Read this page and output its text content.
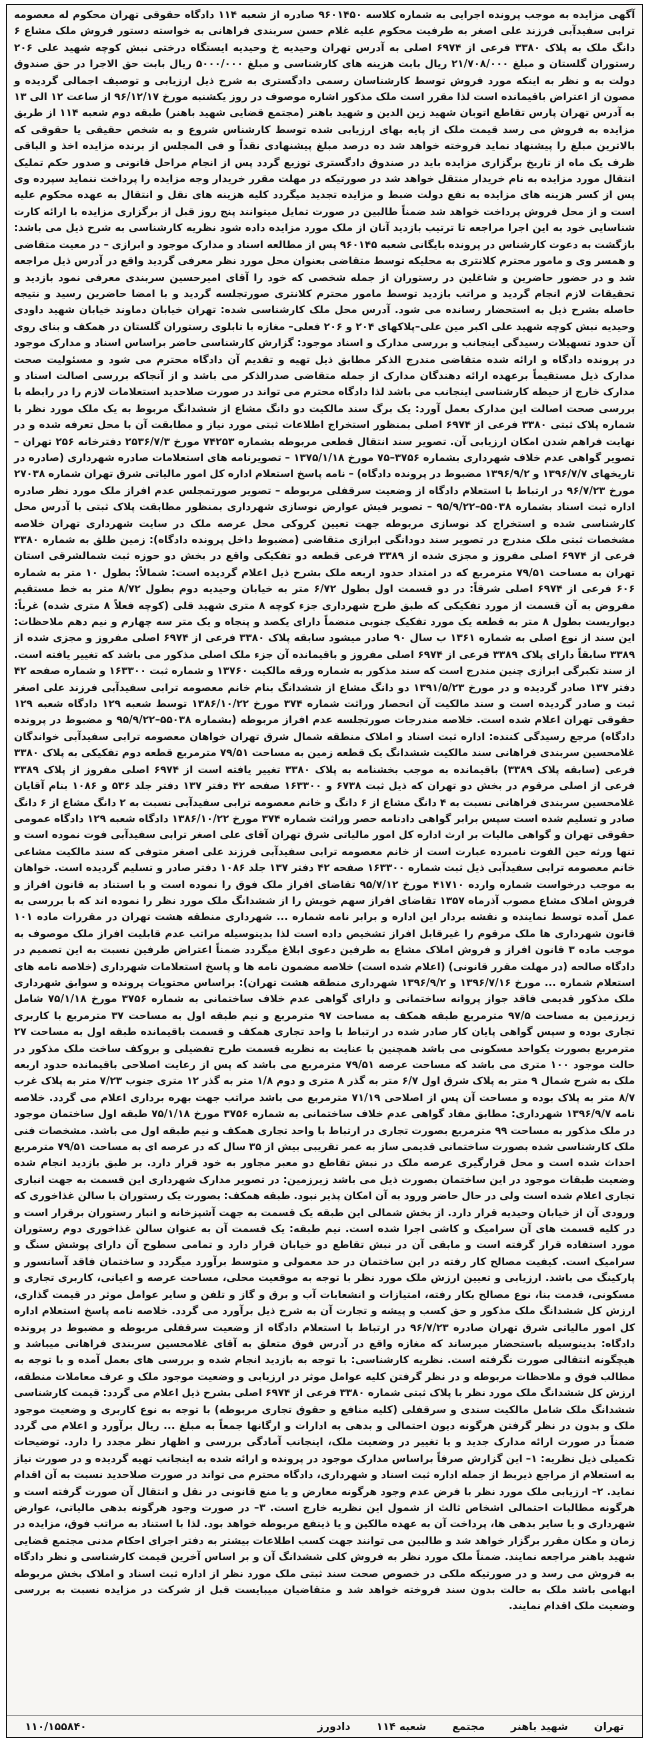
آگهی مزایده به موجب پرونده اجرایی به شماره کلاسه ۹۶۰۱۴۵۰ صادره از شعبه ۱۱۴ دادگاه حقوقی تهران محکوم له معصومه ترابی سفیدآبی فرزند علی اصغر به طرفیت محکوم علیه غلام حسن سربندی فراهانی به خواسته دستور فروش ملک مشاع ۶ دانگ ملک به پلاک ۳۳۸۰ فرعی از ۶۹۷۴ اصلی به آدرس تهران وحیدیه خ وحیدیه ایستگاه درختی نبش کوچه شهید علی ۲۰۶ رستوران گلستان و مبلغ ۲۱/۷۰۸/۰۰۰ ریال بابت هزینه های کارشناسی و مبلغ ۵۰۰۰/۰۰۰ ریال بابت حق الاجرا در حق صندوق دولت به و نظر به اینکه مورد فروش توسط کارشناسان رسمی دادگستری به شرح ذیل ارزیابی و توصیف اجمالی گردیده و مصون از اعتراض باقیمانده است لذا مقرر است ملک مذکور اشاره موصوف در روز یکشنبه مورخ ۹۶/۱۲/۱۷ از ساعت ۱۲ الی ۱۳ به آدرس تهران پارس تقاطع اتوبان شهید زین الدین و شهید باهنر (مجتمع قضایی شهید باهنر) طبقه دوم شعبه ۱۱۴ از طریق مزایده به فروش می رسد قیمت ملک از پایه بهای ارزیابی شده توسط کارشناس شروع و به شخص حقیقی یا حقوقی که بالاترین مبلغ را پیشنهاد نماید فروخته خواهد شد ده درصد مبلغ پیشنهادی نقداً و فی المجلس از برنده مزایده اخذ و الباقی ظرف یک ماه از تاریخ برگزاری مزایده باید در صندوق دادگستری توزیع گردد پس از انجام مراحل قانونی و صدور حکم تملیک انتقال مورد مزایده به نام خریدار منتقل خواهد شد در صورتیکه در مهلت مقرر خریدار وجه مزایده را پرداخت ننماید سپرده وی پس از کسر هزینه های مزایده به نفع دولت ضبط و مزایده تجدید میگردد کلیه هزینه های نقل و انتقال به عهده محکوم علیه است و از محل فروش پرداخت خواهد شد ضمناً طالبین در صورت تمایل میتوانند پنج روز قبل از برگزاری مزایده با ارائه کارت شناسایی خود به این اجرا مراجعه تا ترتیب بازدید آنان از ملک مورد مزایده داده شود نظریه کارشناسی به شرح ذیل می باشد: بازگشت به دعوت کارشناس در پرونده بایگانی شعبه ۹۶۰۱۴۵ پس از مطالعه اسناد و مدارک موجود و ابرازی – در معیت متقاضی و همسر وی و مامور محترم کلانتری به محلیکه توسط متقاضی بعنوان محل مورد نظر معرفی گردید واقع در آدرس ذیل مراجعه شد و در حضور حاضرین و شاغلین در رستوران از جمله شخصی که خود را آقای امیرحسین سربندی معرفی نمود بازدید و تحقیقات لازم انجام گردید و مراتب بازدید توسط مامور محترم کلانتری صورتجلسه گردید و با امضا حاضرین رسید و نتیجه حاصله بشرح ذیل به استحضار رسانده می شود. آدرس محل ملک کارشناسی شده: تهران خیابان دماوند خیابان شهید داودی وحیدیه نبش کوچه شهید علی اکبر مین علی–پلاکهای ۲۰۴ و ۲۰۶ فعلی– مغازه با تابلوی رستوران گلستان در همکف و بنای روی آن حدود تسهیلات رسیدگی اینجانب و بررسی مدارک و اسناد موجود: گزارش کارشناسی حاضر براساس اسناد و مدارک موجود در پرونده دادگاه و ارائه شده متقاضی مندرج الذکر مطابق ذیل تهیه و تقدیم آن دادگاه محترم می شود و مسئولیت صحت مدارک ذیل مستقیماً برعهده ارائه دهندگان مدارک از جمله متقاضی صدرالذکر می باشد و از آنجاکه بررسی اصالت اسناد و مدارک خارج از حیطه کارشناسی اینجانب می باشد لذا دادگاه محترم می تواند در صورت صلاحدید استعلامات لازم را در رابطه با بررسی صحت اصالت این مدارک بعمل آورد: یک برگ سند مالکیت دو دانگ مشاع از ششدانگ مربوط به یک ملک مورد نظر با شماره پلاک ثبتی ۳۳۸۰ فرعی از ۶۹۷۴ اصلی بمنظور استخراج اطلاعات ثبتی مورد نیاز و مطابقت آن با محل تعرفه شده و در نهایت فراهم شدن امکان ارزیابی آن. تصویر سند انتقال قطعی مربوطه بشماره ۷۴۲۵۳ مورخ ۲۵۳۶/۷/۳ دفترخانه ۲۵۶ تهران – تصویر گواهی عدم خلاف شهرداری بشماره ۳۷۵۶–۷۵ مورخ ۱۳۷۵/۱/۱۸ – تصویرنامه های استعلامات صادره شهرداری (صادره در تاریخهای ۱۳۹۶/۷/۷ و ۱۳۹۶/۹/۲ مضبوط در پرونده دادگاه) – نامه پاسخ استعلام اداره کل امور مالیاتی شرق تهران شماره ۲۷۰۳۸ مورخ ۹۶/۷/۲۳ در ارتباط با استعلام دادگاه از وضعیت سرقفلی مربوطه – تصویر صورتمجلس عدم افراز ملک مورد نظر صادره اداره ثبت اسناد بشماره ۵۵۰۳۸–۹۵/۹/۲۲ – تصویر فیش عوارض نوسازی شهرداری بمنظور مطابقت پلاک ثبتی با آدرس محل کارشناسی شده و استخراج کد نوسازی مربوطه جهت تعیین کروکی محل عرصه ملک در سایت شهرداری تهران خلاصه مشخصات ثبتی ملک مندرج در تصویر سند دودانگی ابرازی متقاضی (مضبوط داخل پرونده دادگاه): زمین طلق به شماره ۳۳۸۰ فرعی از ۶۹۷۴ اصلی مفروز و مجزی شده از ۳۳۸۹ فرعی قطعه دو تفکیکی واقع در بخش دو حوزه ثبت شمالشرقی استان تهران به مساحت ۷۹/۵۱ مترمربع که در امتداد حدود اربعه ملک بشرح ذیل اعلام گردیده است: شمالاً: بطول ۱۰ متر به شماره ۶۰۶ فرعی از ۶۹۷۴ اصلی شرقاً: در دو قسمت اول بطول ۶/۷۲ متر به خیابان وحیدیه دوم بطول ۸/۷۲ متر به خط مستقیم مفروض به آن قسمت از مورد تفکیکی که طبق طرح شهرداری جزء کوچه ۸ متری شهید قلی (کوچه فعلاً ۸ متری شده) غرباً: دیواریست بطول ۸ متر به قطعه یک مورد تفکیک جنوبی منضماً دارای یکصد و پنجاه و یک متر سه چهارم و نیم دهم ملاحظات: این سند از نوع اصلی به شماره ۱۳۶۱ ب سال ۹۰ صادر میشود سابقه پلاک ۳۳۸۰ فرعی از ۶۹۷۴ اصلی مفروز و مجزی شده از ۳۳۸۹ سابقاً دارای پلاک ۳۳۸۹ فرعی از ۶۹۷۴ اصلی مفروز و باقیمانده آن جزء ملک اصلی مذکور می باشد که تغییر یافته است. از سند تکبرگی ابرازی چنین مندرج است که سند مذکور به شماره ورقه مالکیت ۱۳۷۶۰ و شماره ثبت ۱۶۳۳۰۰ و شماره صفحه ۴۲ دفتر ۱۳۷ صادر گردیده و در مورخ ۱۳۹۱/۵/۲۳ دو دانگ مشاع از ششدانگ بنام خانم معصومه ترابی سفیدآبی فرزند علی اصغر ثبت و صادر گردیده است و سند مالکیت آن انحصار وراثت شماره ۳۷۴ مورخ ۱۳۸۶/۱۰/۲۲ توسط شعبه ۱۲۹ دادگاه شعبه ۱۲۹ حقوقی تهران اعلام شده است. خلاصه مندرجات صورتجلسه عدم افراز مربوطه (بشماره ۵۵۰۳۸–۹۵/۹/۲۲ و مضبوط در پرونده دادگاه) مرجع رسیدگی کننده: اداره ثبت اسناد و املاک منطقه شمال شرق تهران خواهان معصومه ترابی سفیدآبی خواندگان غلامحسین سربندی فراهانی سند مالکیت ششدانگ یک قطعه زمین به مساحت ۷۹/۵۱ مترمربع قطعه دوم تفکیکی به پلاک ۳۳۸۰ فرعی (سابقه پلاک ۳۳۸۹) باقیمانده به موجب بخشنامه به پلاک ۳۳۸۰ تغییر یافته است از ۶۹۷۴ اصلی مفروز از پلاک ۳۳۸۹ فرعی از اصلی مرقوم در بخش دو تهران که ذیل ثبت ۶۷۳۸ و ۱۶۳۳۰۰ صفحه ۴۲ دفتر ۱۳۷ دفتر جلد ۵۳۶ و ۱۰۸۶ بنام آقایان غلامحسین سربندی فراهانی نسبت به ۴ دانگ مشاع از ۶ دانگ و خانم معصومه ترابی سفیدآبی نسبت به ۲ دانگ مشاع از ۶ دانگ صادر و تسلیم شده است سپس برابر گواهی دادنامه حصر وراثت شماره ۳۷۴ مورخ ۱۳۸۶/۱۰/۲۲ دادگاه شعبه ۱۲۹ دادگاه عمومی حقوقی تهران و گواهی مالیات بر ارث اداره کل امور مالیاتی شرق تهران آقای علی اصغر ترابی سفیدآبی فوت نموده است و تنها ورثه حین الفوت نامبرده عبارت است از خانم معصومه ترابی سفیدآبی فرزند علی اصغر متوفی که سند مالکیت مشاعی خانم معصومه ترابی سفیدآبی ذیل ثبت شماره ۱۶۳۳۰۰ صفحه ۴۲ دفتر ۱۳۷ جلد ۱۰۸۶ دفتر صادر و تسلیم گردیده است. خواهان به موجب درخواست شماره وارده ۴۱۷۱۰ مورخ ۹۵/۷/۱۲ تقاضای افراز ملک فوق را نموده است و با استناد به قانون افراز و فروش املاک مشاع مصوب آذرماه ۱۳۵۷ تقاضای افراز سهم خویش را از ششدانگ ملک مورد نظر را نموده اند که با بررسی به عمل آمده توسط نماینده و نقشه بردار این اداره و برابر نامه شماره ... شهرداری منطقه هشت تهران در مقررات ماده ۱۰۱ قانون شهرداری ها ملک مرقوم را غیرقابل افراز تشخیص داده است لذا بدینوسیله مراتب عدم قابلیت افراز ملک موصوف به موجب ماده ۳ قانون افراز و فروش املاک مشاع به طرفین دعوی ابلاغ میگردد ضمناً اعتراض طرفین نسبت به این تصمیم در دادگاه صالحه (در مهلت مقرر قانونی) (اعلام شده است) خلاصه مضمون نامه ها و پاسخ استعلامات شهرداری (خلاصه نامه های استعلام شماره ... مورخ ۱۳۹۶/۷/۱۶ و ۱۳۹۶/۹/۲ شهرداری منطقه هشت تهران): براساس محتویات پرونده و سوابق شهرداری ملک مذکور قدیمی فاقد جواز پروانه ساختمانی و دارای گواهی عدم خلاف ساختمانی به شماره ۳۷۵۶ مورخ ۷۵/۱/۱۸ شامل زیرزمین به مساحت ۹۷/۵ مترمربع طبقه همکف به مساحت ۹۷ مترمربع و نیم طبقه اول به مساحت ۳۷ مترمربع با کاربری تجاری بوده و سپس گواهی پایان کار صادر شده در ارتباط با واحد تجاری همکف و قسمت باقیمانده طبقه اول به مساحت ۲۷ مترمربع بصورت یکواحد مسکونی می باشد همچنین با عنایت به نظریه قسمت طرح تفضیلی و بروکف ساخت ملک مذکور در حالت موجود ۱۰۰ متری می باشد که مساحت عرصه ۷۹/۵۱ مترمربع می باشد که پس از رعایت اصلاحی باقیمانده حدود اربعه ملک به شرح شمال ۹ متر به پلاک شرق اول ۶/۷ متر به گذر ۸ متری و دوم ۱/۸ متر به گذر ۱۲ متری جنوب ۷/۲۳ متر به پلاک غرب ۸/۷ متر به پلاک بوده و مساحت آن پس از اصلاحی ۷۱/۱۹ مترمربع می باشد مراتب جهت بهره برداری اعلام می گردد. خلاصه نامه ۱۳۹۶/۹/۷ شهرداری: مطابق مفاد گواهی عدم خلاف ساختمانی به شماره ۳۷۵۶ مورخ ۷۵/۱/۱۸ طبقه اول ساختمان موجود در ملک مذکور به مساحت ۹۹ مترمربع بصورت تجاری در ارتباط با واحد تجاری همکف و نیم طبقه اول می باشد. مشخصات فنی ملک کارشناسی شده بصورت ساختمانی قدیمی ساز به عمر تقریبی بیش از ۳۵ سال که در عرصه ای به مساحت ۷۹/۵۱ مترمربع احداث شده است و محل قرارگیری عرصه ملک در نبش تقاطع دو معبر مجاور به خود قرار دارد. بر طبق بازدید انجام شده وضعیت طبقات موجود در این ساختمان بصورت ذیل می باشد زیرزمین: در تصویر مدارک شهرداری این قسمت به جهت انباری تجاری اعلام شده است ولی در حال حاضر ورود به آن امکان پذیر نبود. طبقه همکف: بصورت یک رستوران با سالن غذاخوری که ورودی آن از خیابان وحیدیه قرار دارد. از بخش شمالی این طبقه یک قسمت به جهت آشپزخانه و انبار رستوران برقرار است و در کلیه قسمت های آن سرامیک و کاشی اجرا شده است. نیم طبقه: یک قسمت آن به عنوان سالن غذاخوری دوم رستوران مورد استفاده قرار گرفته است و مابقی آن در نبش تقاطع دو خیابان قرار دارد و تمامی سطوح آن دارای پوشش سنگ و سرامیک است. کیفیت مصالح کار رفته در این ساختمان در حد معمولی و متوسط برآورد میگردد و ساختمان فاقد آسانسور و پارکینگ می باشد. ارزیابی و تعیین ارزش ملک مورد نظر با توجه به موقعیت محلی، مساحت عرصه و اعیانی، کاربری تجاری و مسکونی، قدمت بنا، نوع مصالح بکار رفته، امتیازات و انشعابات آب و برق و گاز و تلفن و سایر عوامل موثر در قیمت گذاری، ارزش کل ششدانگ ملک مذکور و حق کسب و پیشه و تجارت آن به شرح ذیل برآورد می گردد. خلاصه نامه پاسخ استعلام اداره کل امور مالیاتی شرق تهران صادره ۹۶/۷/۲۳ در ارتباط با استعلام دادگاه از وضعیت سرقفلی مربوطه و مضبوط در پرونده دادگاه: بدینوسیله باستحضار میرساند که مغازه واقع در آدرس فوق متعلق به آقای غلامحسین سربندی فراهانی میباشد و هیچگونه انتقالی صورت نگرفته است. نظریه کارشناسی: با توجه به بازدید انجام شده و بررسی های بعمل آمده و با توجه به مطالب فوق و ملاحظات مربوطه و در نظر گرفتن کلیه عوامل موثر در ارزیابی و وضعیت موجود ملک و عرف معاملات منطقه، ارزش کل ششدانگ ملک مورد نظر با پلاک ثبتی شماره ۳۳۸۰ فرعی از ۶۹۷۴ اصلی بشرح ذیل اعلام می گردد: قیمت کارشناسی ششدانگ ملک شامل مالکیت سندی و سرقفلی (کلیه منافع و حقوق تجاری مربوطه) با توجه به نوع کاربری و وضعیت موجود ملک و بدون در نظر گرفتن هرگونه دیون احتمالی و بدهی به ادارات و ارگانها جمعاً به مبلغ ... ریال برآورد و اعلام می گردد ضمناً در صورت ارائه مدارک جدید و یا تغییر در وضعیت ملک، اینجانب آمادگی بررسی و اظهار نظر مجدد را دارد. توضیحات تکمیلی ذیل نظریه: ۱– این گزارش صرفاً براساس مدارک موجود در پرونده و ارائه شده به اینجانب تهیه گردیده و در صورت نیاز به استعلام از مراجع ذیربط از جمله اداره ثبت اسناد و شهرداری، دادگاه محترم می تواند در صورت صلاحدید نسبت به آن اقدام نماید. ۲– ارزیابی ملک مورد نظر با فرض عدم وجود هرگونه معارض و یا منع قانونی در نقل و انتقال آن صورت گرفته است و هرگونه مطالبات احتمالی اشخاص ثالث از شمول این نظریه خارج است. ۳– در صورت وجود هرگونه بدهی مالیاتی، عوارض شهرداری و یا سایر بدهی ها، پرداخت آن به عهده مالکین و یا ذینفع مربوطه خواهد بود. لذا با استناد به مراتب فوق، مزایده در زمان و مکان مقرر برگزار خواهد شد و طالبین می توانند جهت کسب اطلاعات بیشتر به دفتر اجرای احکام مدنی مجتمع قضایی شهید باهنر مراجعه نمایند. ضمناً ملک مورد نظر به فروش کلی ششدانگ آن و بر اساس آخرین قیمت کارشناسی و نظر دادگاه به فروش می رسد و در صورتیکه ملکی در خصوص صحت سند ثبتی ملک مورد نظر از اداره ثبت اسناد و املاک بخش مربوطه ابهامی باشد ملک به حالت بدون سند فروخته خواهد شد و متقاضیان میبایست قبل از شرکت در مزایده نسبت به بررسی وضعیت ملک اقدام نمایند.
تهران
شهید باهنر
مجتمع
شعبه ۱۱۴
دادورز
۱۱۰/۱۵۵۸۴۰
